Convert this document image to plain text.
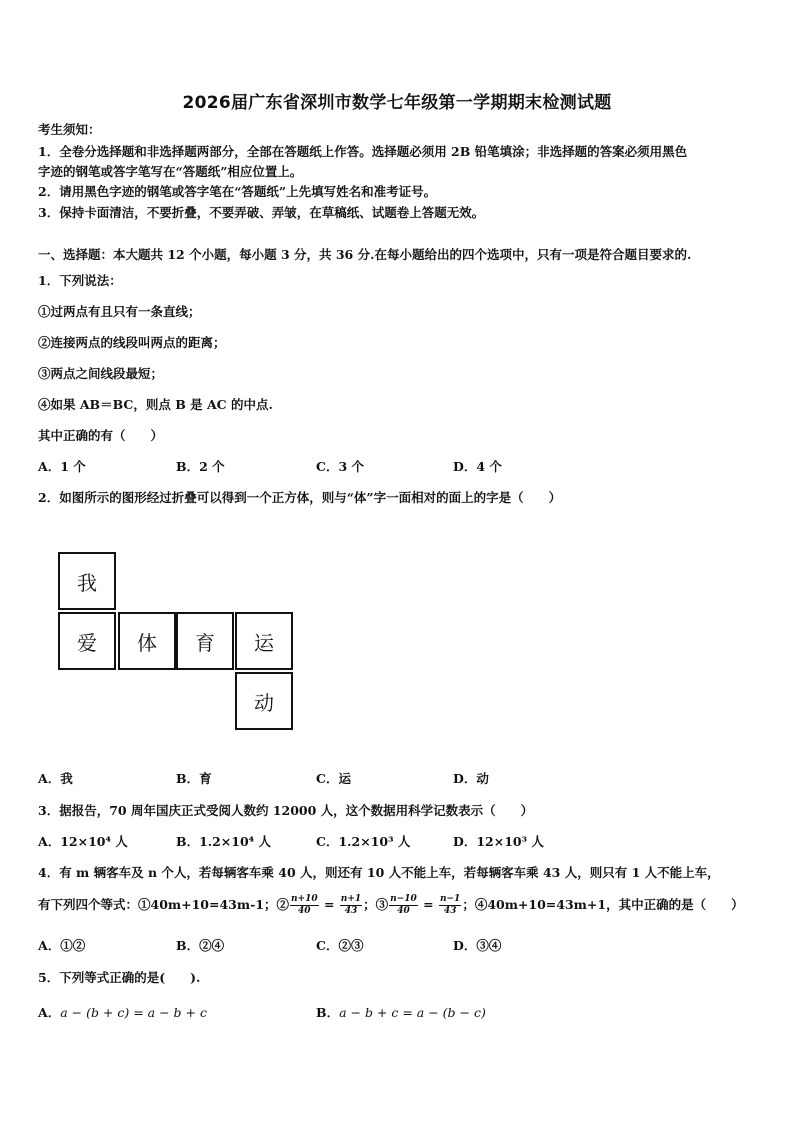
2026届广东省深圳市数学七年级第一学期期末检测试题
考生须知：
1．全卷分选择题和非选择题两部分，全部在答题纸上作答。选择题必须用 2B 铅笔填涂；非选择题的答案必须用黑色
字迹的钢笔或答字笔写在“答题纸”相应位置上。
2．请用黑色字迹的钢笔或答字笔在“答题纸”上先填写姓名和准考证号。
3．保持卡面清洁，不要折叠，不要弄破、弄皱，在草稿纸、试题卷上答题无效。
一、选择题：本大题共 12 个小题，每小题 3 分，共 36 分.在每小题给出的四个选项中，只有一项是符合题目要求的.
1．下列说法：
①过两点有且只有一条直线；
②连接两点的线段叫两点的距离；
③两点之间线段最短；
④如果 AB＝BC，则点 B 是 AC 的中点.
其中正确的有（　　）
A．1 个	B．2 个	C．3 个	D．4 个
2．如图所示的图形经过折叠可以得到一个正方体，则与“体”字一面相对的面上的字是（　　）
我
爱	体	育	运
动
A．我	B．育	C．运	D．动
3．据报告，70 周年国庆正式受阅人数约 12000 人，这个数据用科学记数表示（　　）
A．12×10⁴ 人	B．1.2×10⁴ 人	C．1.2×10³ 人	D．12×10³ 人
4．有 m 辆客车及 n 个人，若每辆客车乘 40 人，则还有 10 人不能上车，若每辆客车乘 43 人，则只有 1 人不能上车，
有下列四个等式：①40m+10=43m-1；② $\frac{n+10}{40} = \frac{n+1}{43}$ ；③ $\frac{n-10}{40} = \frac{n-1}{43}$ ；④40m+10=43m+1，其中正确的是（　　）
A．①②	B．②④	C．②③	D．③④
5．下列等式正确的是(　　).
A．a − (b + c) = a − b + c	B．a − b + c = a − (b − c)
